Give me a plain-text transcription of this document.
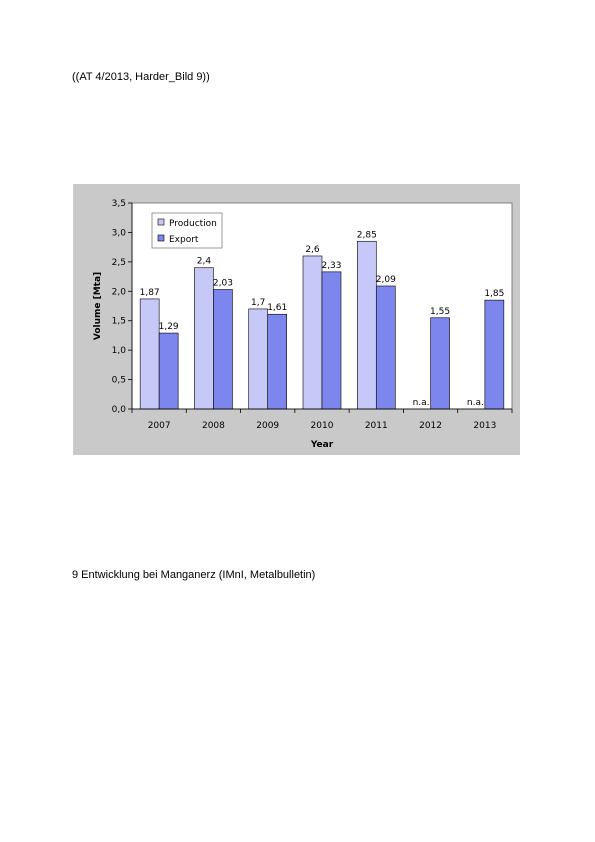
((AT 4/2013, Harder_Bild 9))
0,0
0,5
1,0
1,5
2,0
2,5
3,0
3,5
1,87
2,4
1,7
2,6
2,85
n.a.	n.a.
1,29
2,03
1,61
2,33
2,09
1,55
1,85
2007	2008	2009	2010	2011	2012	2013
Year
Volume [Mta]
Production
Export
9 Entwicklung bei Manganerz (IMnI, Metalbulletin)
